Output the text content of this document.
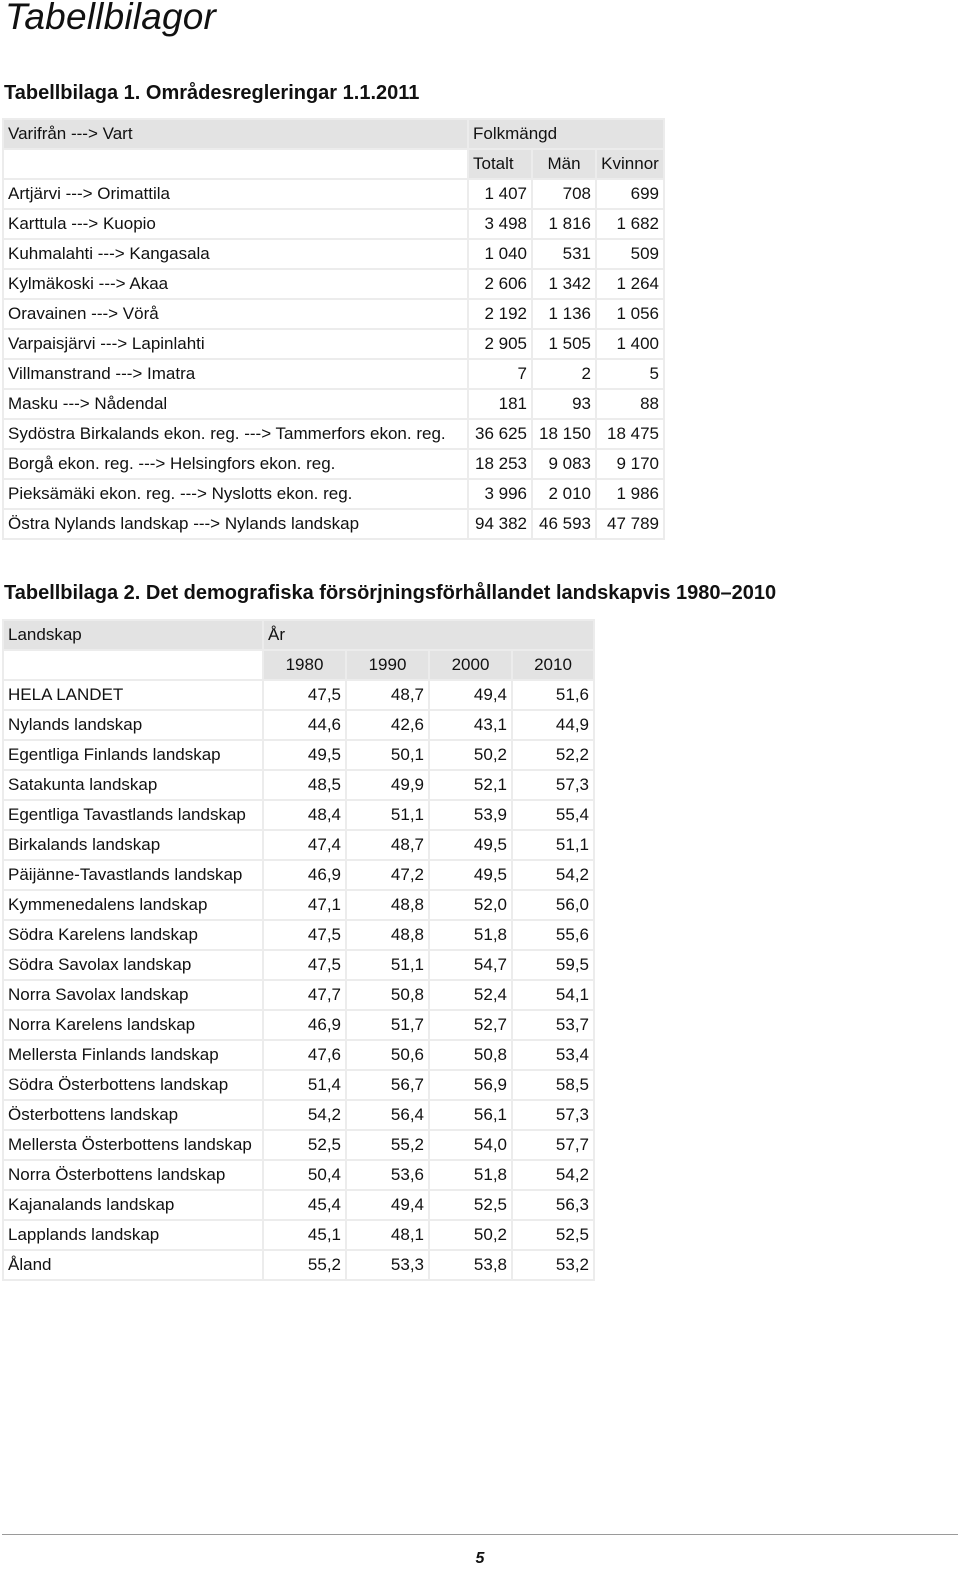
Tabellbilagor
Tabellbilaga 1. Områdesregleringar 1.1.2011
Varifrån ---> Vart	Folkmängd		
	Totalt	Män	Kvinnor
Artjärvi ---> Orimattila	1 407	708	699
Karttula ---> Kuopio	3 498	1 816	1 682
Kuhmalahti ---> Kangasala	1 040	531	509
Kylmäkoski ---> Akaa	2 606	1 342	1 264
Oravainen ---> Vörå	2 192	1 136	1 056
Varpaisjärvi ---> Lapinlahti	2 905	1 505	1 400
Villmanstrand ---> Imatra	7	2	5
Masku ---> Nådendal	181	93	88
Sydöstra Birkalands ekon. reg. ---> Tammerfors ekon. reg.	36 625	18 150	18 475
Borgå ekon. reg. ---> Helsingfors ekon. reg.	18 253	9 083	9 170
Pieksämäki ekon. reg. ---> Nyslotts ekon. reg.	3 996	2 010	1 986
Östra Nylands landskap ---> Nylands landskap	94 382	46 593	47 789
Tabellbilaga 2. Det demografiska försörjningsförhållandet landskapvis 1980–2010
Landskap	År			
	1980	1990	2000	2010
HELA LANDET	47,5	48,7	49,4	51,6
Nylands landskap	44,6	42,6	43,1	44,9
Egentliga Finlands landskap	49,5	50,1	50,2	52,2
Satakunta landskap	48,5	49,9	52,1	57,3
Egentliga Tavastlands landskap	48,4	51,1	53,9	55,4
Birkalands landskap	47,4	48,7	49,5	51,1
Päijänne-Tavastlands landskap	46,9	47,2	49,5	54,2
Kymmenedalens landskap	47,1	48,8	52,0	56,0
Södra Karelens landskap	47,5	48,8	51,8	55,6
Södra Savolax landskap	47,5	51,1	54,7	59,5
Norra Savolax landskap	47,7	50,8	52,4	54,1
Norra Karelens landskap	46,9	51,7	52,7	53,7
Mellersta Finlands landskap	47,6	50,6	50,8	53,4
Södra Österbottens landskap	51,4	56,7	56,9	58,5
Österbottens landskap	54,2	56,4	56,1	57,3
Mellersta Österbottens landskap	52,5	55,2	54,0	57,7
Norra Österbottens landskap	50,4	53,6	51,8	54,2
Kajanalands landskap	45,4	49,4	52,5	56,3
Lapplands landskap	45,1	48,1	50,2	52,5
Åland	55,2	53,3	53,8	53,2
5
